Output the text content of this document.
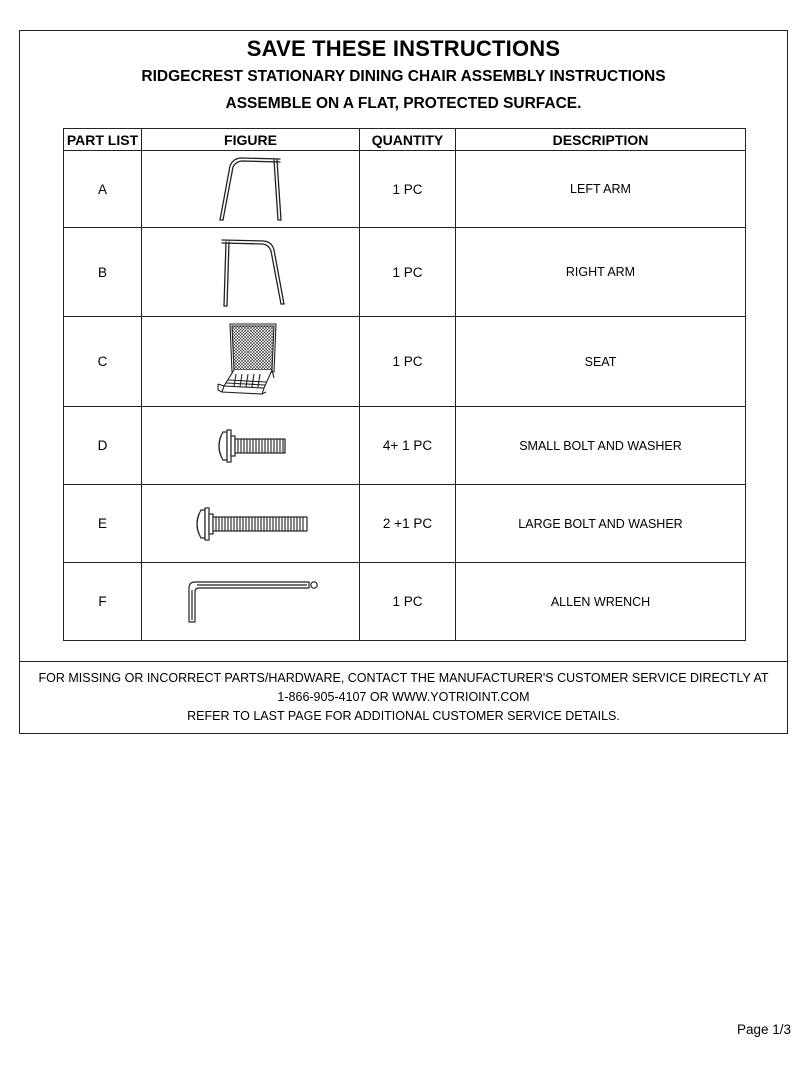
SAVE THESE INSTRUCTIONS
RIDGECREST STATIONARY DINING CHAIR ASSEMBLY INSTRUCTIONS
ASSEMBLE ON A FLAT, PROTECTED SURFACE.
PART LIST	FIGURE	QUANTITY	DESCRIPTION
A		1 PC	LEFT ARM
B		1 PC	RIGHT ARM
C		1 PC	SEAT
D		4+ 1 PC	SMALL BOLT AND WASHER
E		2 +1 PC	LARGE BOLT AND WASHER
F		1 PC	ALLEN WRENCH
FOR MISSING OR INCORRECT PARTS/HARDWARE, CONTACT THE MANUFACTURER'S CUSTOMER SERVICE DIRECTLY AT
1-866-905-4107 OR WWW.YOTRIOINT.COM
REFER TO LAST PAGE FOR ADDITIONAL CUSTOMER SERVICE DETAILS.
Page 1/3
